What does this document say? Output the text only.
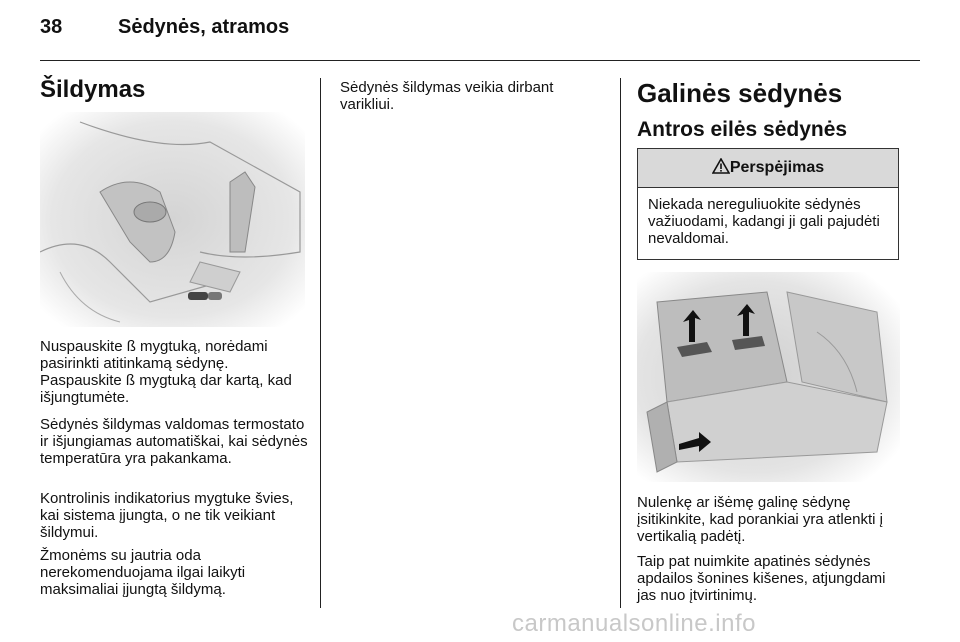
38	Sėdynės, atramos
Šildymas
Nuspauskite ß mygtuką, norėdami pasirinkti atitinkamą sėdynę. Paspauskite ß mygtuką dar kartą, kad išjungtumėte.
Sėdynės šildymas valdomas termostato ir išjungiamas automatiškai, kai sėdynės temperatūra yra pakankama.
Kontrolinis indikatorius mygtuke švies, kai sistema įjungta, o ne tik veikiant šildymui.
Žmonėms su jautria oda nerekomenduojama ilgai laikyti maksimaliai įjungtą šildymą.
Sėdynės šildymas veikia dirbant varikliui.	Galinės sėdynės
Antros eilės sėdynės
Perspėjimas
Niekada nereguliuokite sėdynės važiuodami, kadangi ji gali pajudėti nevaldomai.
Nulenkę ar išėmę galinę sėdynę įsitikinkite, kad porankiai yra atlenkti į vertikalią padėtį.
Taip pat nuimkite apatinės sėdynės apdailos šonines kišenes, atjungdami jas nuo įtvirtinimų.
carmanualsonline.info
